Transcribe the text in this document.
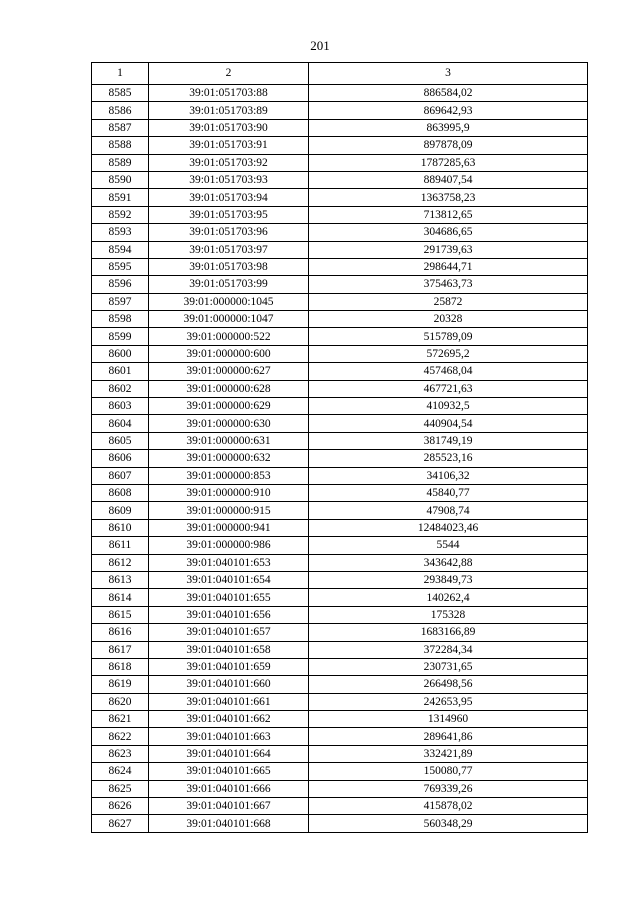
201
1	2	3
8585	39:01:051703:88	886584,02
8586	39:01:051703:89	869642,93
8587	39:01:051703:90	863995,9
8588	39:01:051703:91	897878,09
8589	39:01:051703:92	1787285,63
8590	39:01:051703:93	889407,54
8591	39:01:051703:94	1363758,23
8592	39:01:051703:95	713812,65
8593	39:01:051703:96	304686,65
8594	39:01:051703:97	291739,63
8595	39:01:051703:98	298644,71
8596	39:01:051703:99	375463,73
8597	39:01:000000:1045	25872
8598	39:01:000000:1047	20328
8599	39:01:000000:522	515789,09
8600	39:01:000000:600	572695,2
8601	39:01:000000:627	457468,04
8602	39:01:000000:628	467721,63
8603	39:01:000000:629	410932,5
8604	39:01:000000:630	440904,54
8605	39:01:000000:631	381749,19
8606	39:01:000000:632	285523,16
8607	39:01:000000:853	34106,32
8608	39:01:000000:910	45840,77
8609	39:01:000000:915	47908,74
8610	39:01:000000:941	12484023,46
8611	39:01:000000:986	5544
8612	39:01:040101:653	343642,88
8613	39:01:040101:654	293849,73
8614	39:01:040101:655	140262,4
8615	39:01:040101:656	175328
8616	39:01:040101:657	1683166,89
8617	39:01:040101:658	372284,34
8618	39:01:040101:659	230731,65
8619	39:01:040101:660	266498,56
8620	39:01:040101:661	242653,95
8621	39:01:040101:662	1314960
8622	39:01:040101:663	289641,86
8623	39:01:040101:664	332421,89
8624	39:01:040101:665	150080,77
8625	39:01:040101:666	769339,26
8626	39:01:040101:667	415878,02
8627	39:01:040101:668	560348,29
